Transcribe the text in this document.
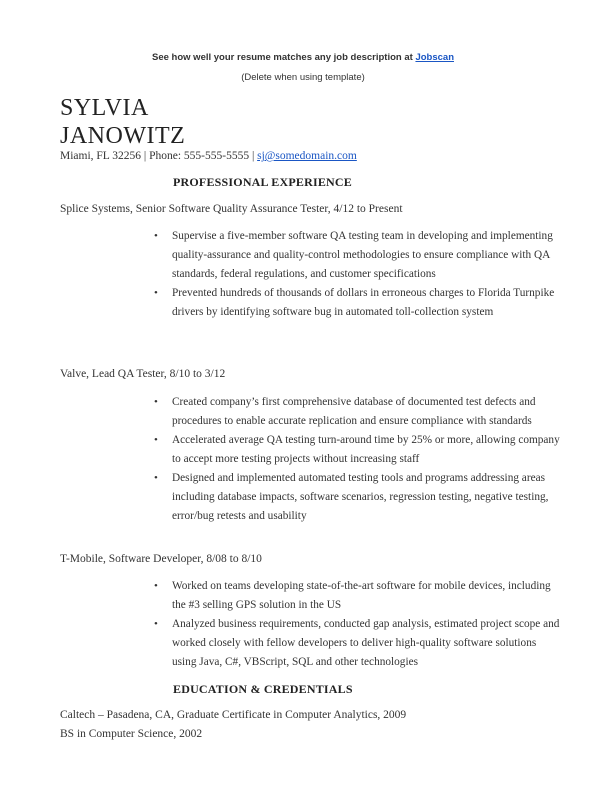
See how well your resume matches any job description at Jobscan
(Delete when using template)
SYLVIA
JANOWITZ
Miami, FL 32256 | Phone: 555-555-5555 | sj@somedomain.com
PROFESSIONAL EXPERIENCE
Splice Systems, Senior Software Quality Assurance Tester, 4/12 to Present
• Supervise a five-member software QA testing team in developing and implementing quality-assurance and quality-control methodologies to ensure compliance with QA standards, federal regulations, and customer specifications
• Prevented hundreds of thousands of dollars in erroneous charges to Florida Turnpike drivers by identifying software bug in automated toll-collection system
Valve, Lead QA Tester, 8/10 to 3/12
• Created company’s first comprehensive database of documented test defects and procedures to enable accurate replication and ensure compliance with standards
• Accelerated average QA testing turn-around time by 25% or more, allowing company to accept more testing projects without increasing staff
• Designed and implemented automated testing tools and programs addressing areas including database impacts, software scenarios, regression testing, negative testing, error/bug retests and usability
T-Mobile, Software Developer, 8/08 to 8/10
• Worked on teams developing state-of-the-art software for mobile devices, including the #3 selling GPS solution in the US
• Analyzed business requirements, conducted gap analysis, estimated project scope and worked closely with fellow developers to deliver high-quality software solutions using Java, C#, VBScript, SQL and other technologies
EDUCATION & CREDENTIALS
Caltech – Pasadena, CA, Graduate Certificate in Computer Analytics, 2009
BS in Computer Science, 2002
